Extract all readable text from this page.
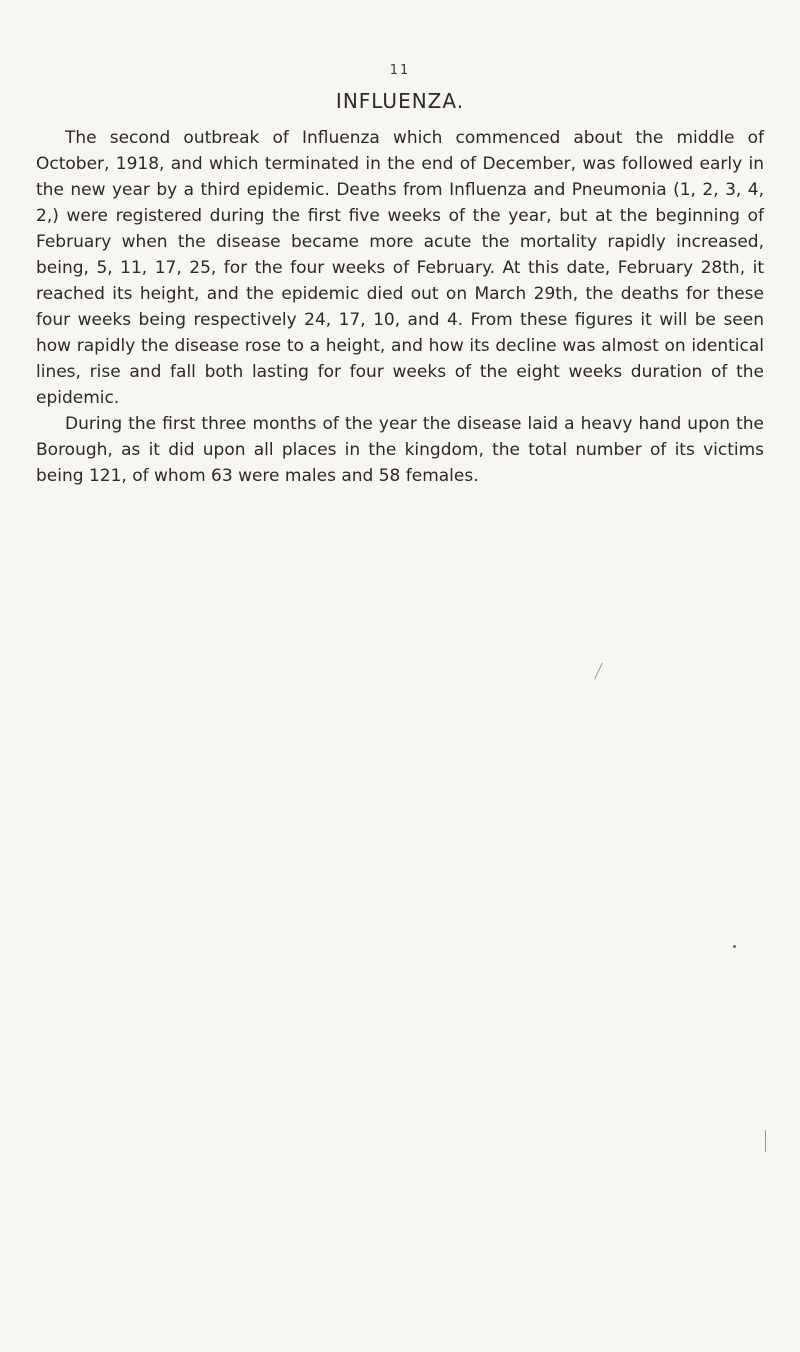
11
INFLUENZA.

The second outbreak of Influenza which commenced about the middle of October, 1918, and which terminated in the end of December, was followed early in the new year by a third epidemic. Deaths from Influenza and Pneumonia (1, 2, 3, 4, 2,) were registered during the first five weeks of the year, but at the beginning of February when the disease became more acute the mortality rapidly increased, being, 5, 11, 17, 25, for the four weeks of February. At this date, February 28th, it reached its height, and the epidemic died out on March 29th, the deaths for these four weeks being respectively 24, 17, 10, and 4. From these figures it will be seen how rapidly the disease rose to a height, and how its decline was almost on identical lines, rise and fall both lasting for four weeks of the eight weeks duration of the epidemic.

During the first three months of the year the disease laid a heavy hand upon the Borough, as it did upon all places in the kingdom, the total number of its victims being 121, of whom 63 were males and 58 females.
